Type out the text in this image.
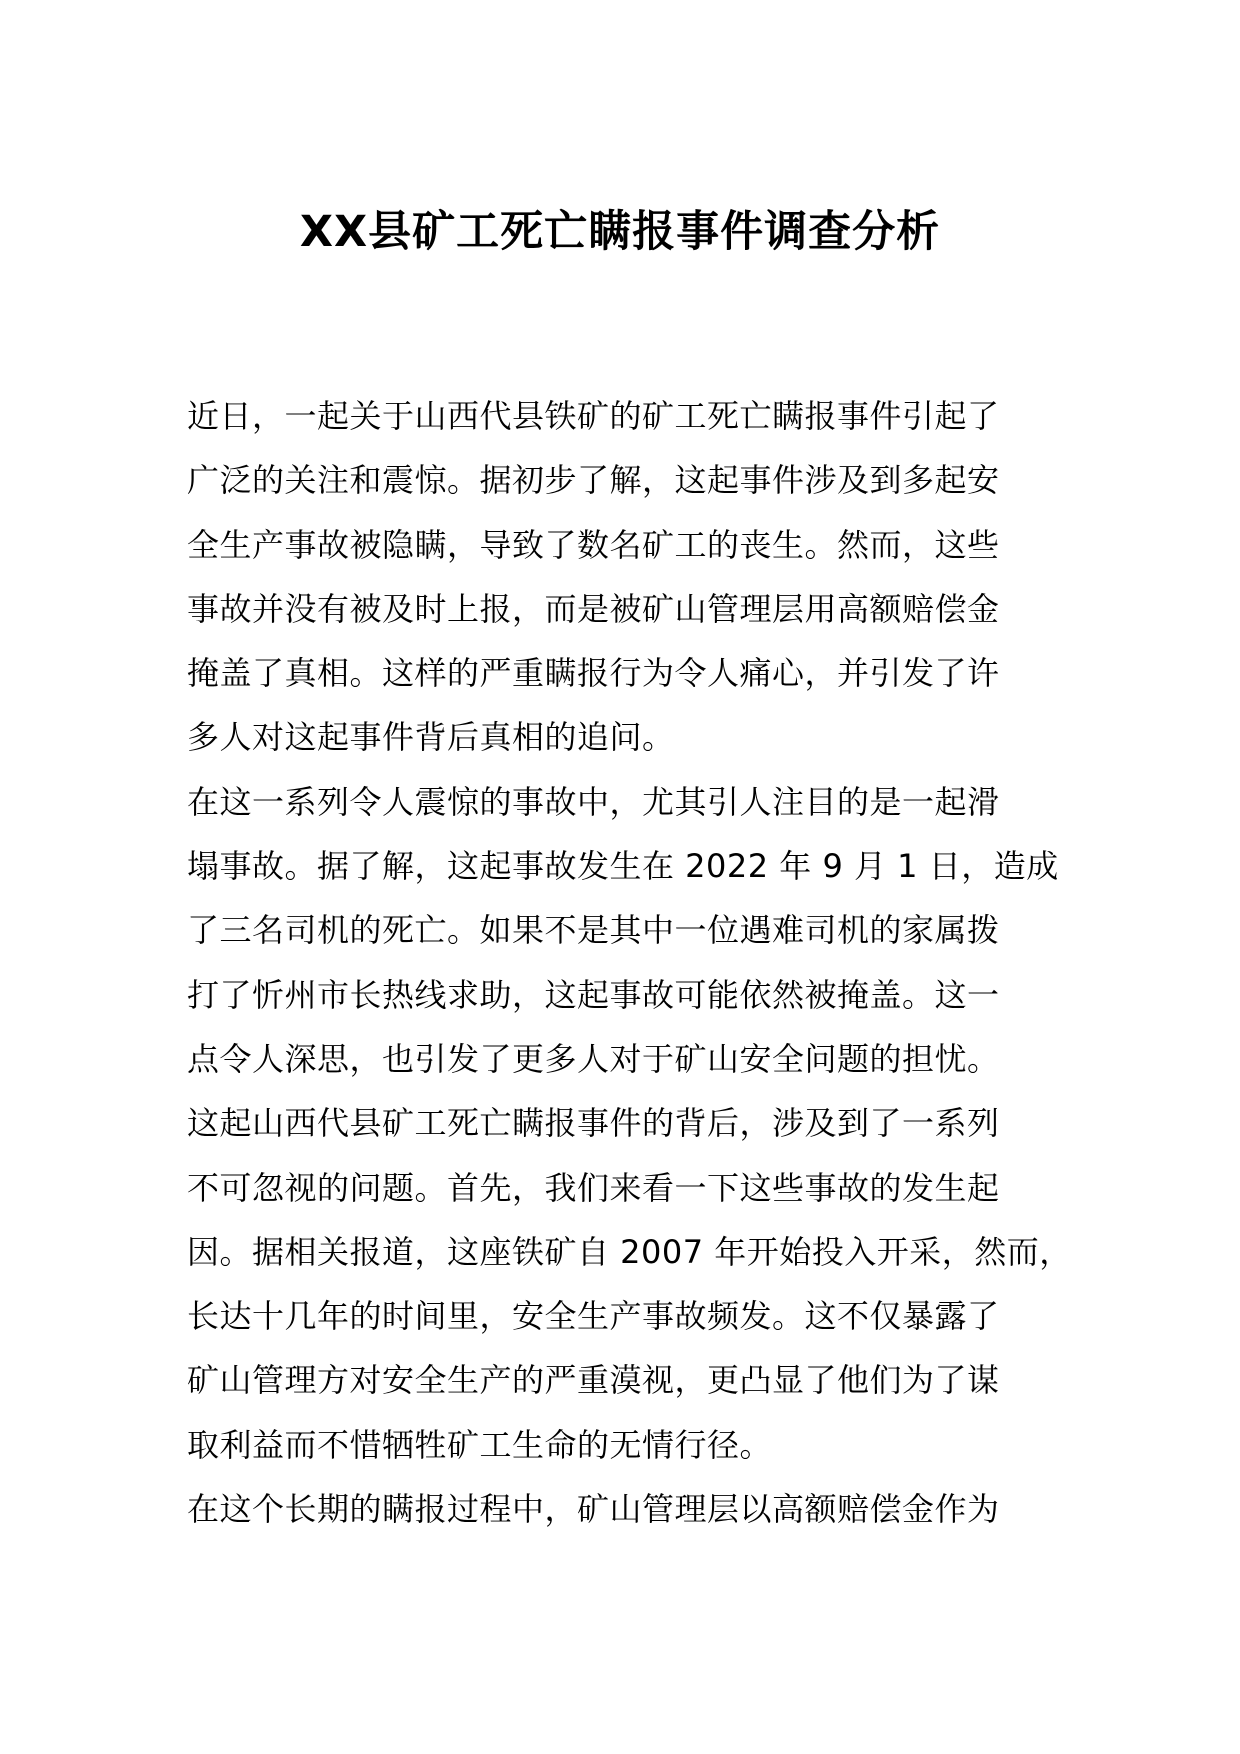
XX县矿工死亡瞒报事件调查分析
近日，一起关于山西代县铁矿的矿工死亡瞒报事件引起了
广泛的关注和震惊。据初步了解，这起事件涉及到多起安
全生产事故被隐瞒，导致了数名矿工的丧生。然而，这些
事故并没有被及时上报，而是被矿山管理层用高额赔偿金
掩盖了真相。这样的严重瞒报行为令人痛心，并引发了许
多人对这起事件背后真相的追问。
在这一系列令人震惊的事故中，尤其引人注目的是一起滑
塌事故。据了解，这起事故发生在 2022 年 9 月 1 日，造成
了三名司机的死亡。如果不是其中一位遇难司机的家属拨
打了忻州市长热线求助，这起事故可能依然被掩盖。这一
点令人深思，也引发了更多人对于矿山安全问题的担忧。
这起山西代县矿工死亡瞒报事件的背后，涉及到了一系列
不可忽视的问题。首先，我们来看一下这些事故的发生起
因。据相关报道，这座铁矿自 2007 年开始投入开采，然而，
长达十几年的时间里，安全生产事故频发。这不仅暴露了
矿山管理方对安全生产的严重漠视，更凸显了他们为了谋
取利益而不惜牺牲矿工生命的无情行径。
在这个长期的瞒报过程中，矿山管理层以高额赔偿金作为
